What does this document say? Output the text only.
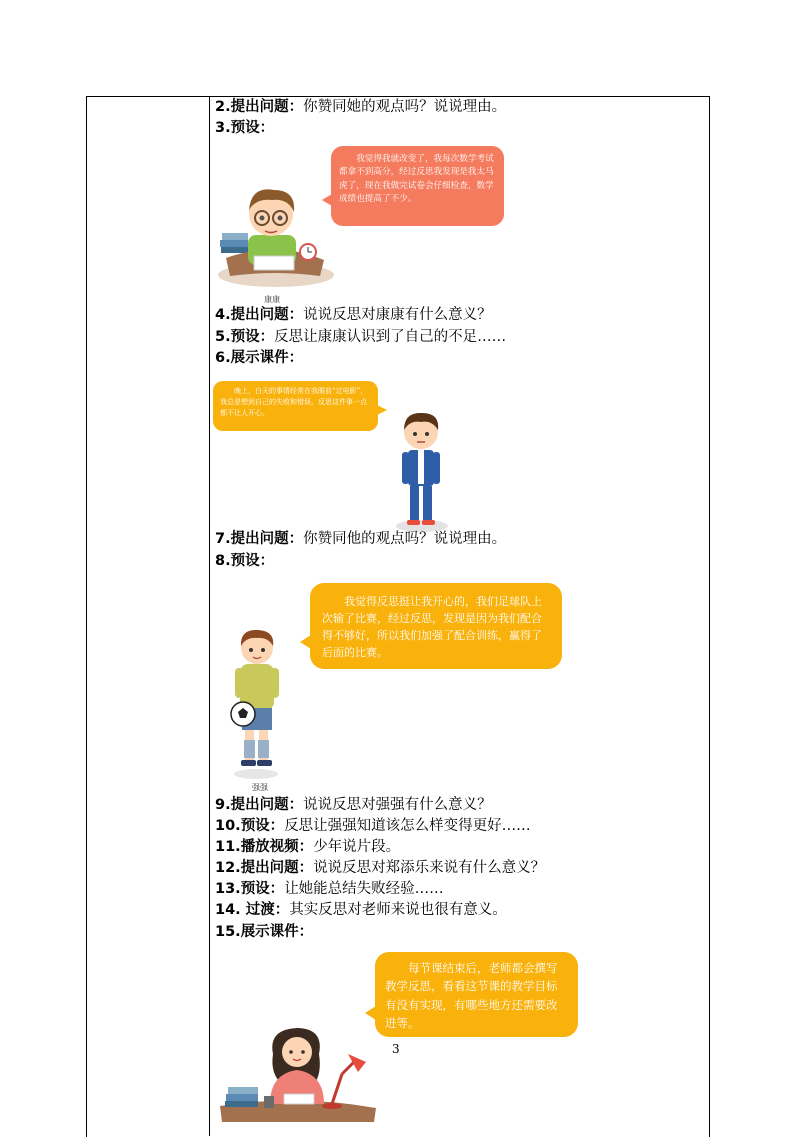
2.提出问题：你赞同她的观点吗？说说理由。
3.预设：
我觉得我就改变了，我每次数学考试都拿不到高分，经过反思我发现是我太马虎了，现在我做完试卷会仔细检查，数学成绩也提高了不少。
康康
4.提出问题：说说反思对康康有什么意义？
5.预设：反思让康康认识到了自己的不足……
6.展示课件：
晚上，白天的事情经常在我眼前“过电影”，我总是想到自己的失败和错误，反思这件事一点都不让人开心。
7.提出问题：你赞同他的观点吗？说说理由。
8.预设：
我觉得反思挺让我开心的，我们足球队上次输了比赛，经过反思，发现是因为我们配合得不够好，所以我们加强了配合训练，赢得了后面的比赛。
强强
9.提出问题：说说反思对强强有什么意义？
10.预设：反思让强强知道该怎么样变得更好……
11.播放视频：少年说片段。
12.提出问题：说说反思对郑添乐来说有什么意义？
13.预设：让她能总结失败经验……
14. 过渡：其实反思对老师来说也很有意义。
15.展示课件：
每节课结束后，老师都会撰写教学反思，看看这节课的教学目标有没有实现，有哪些地方还需要改进等。
3
